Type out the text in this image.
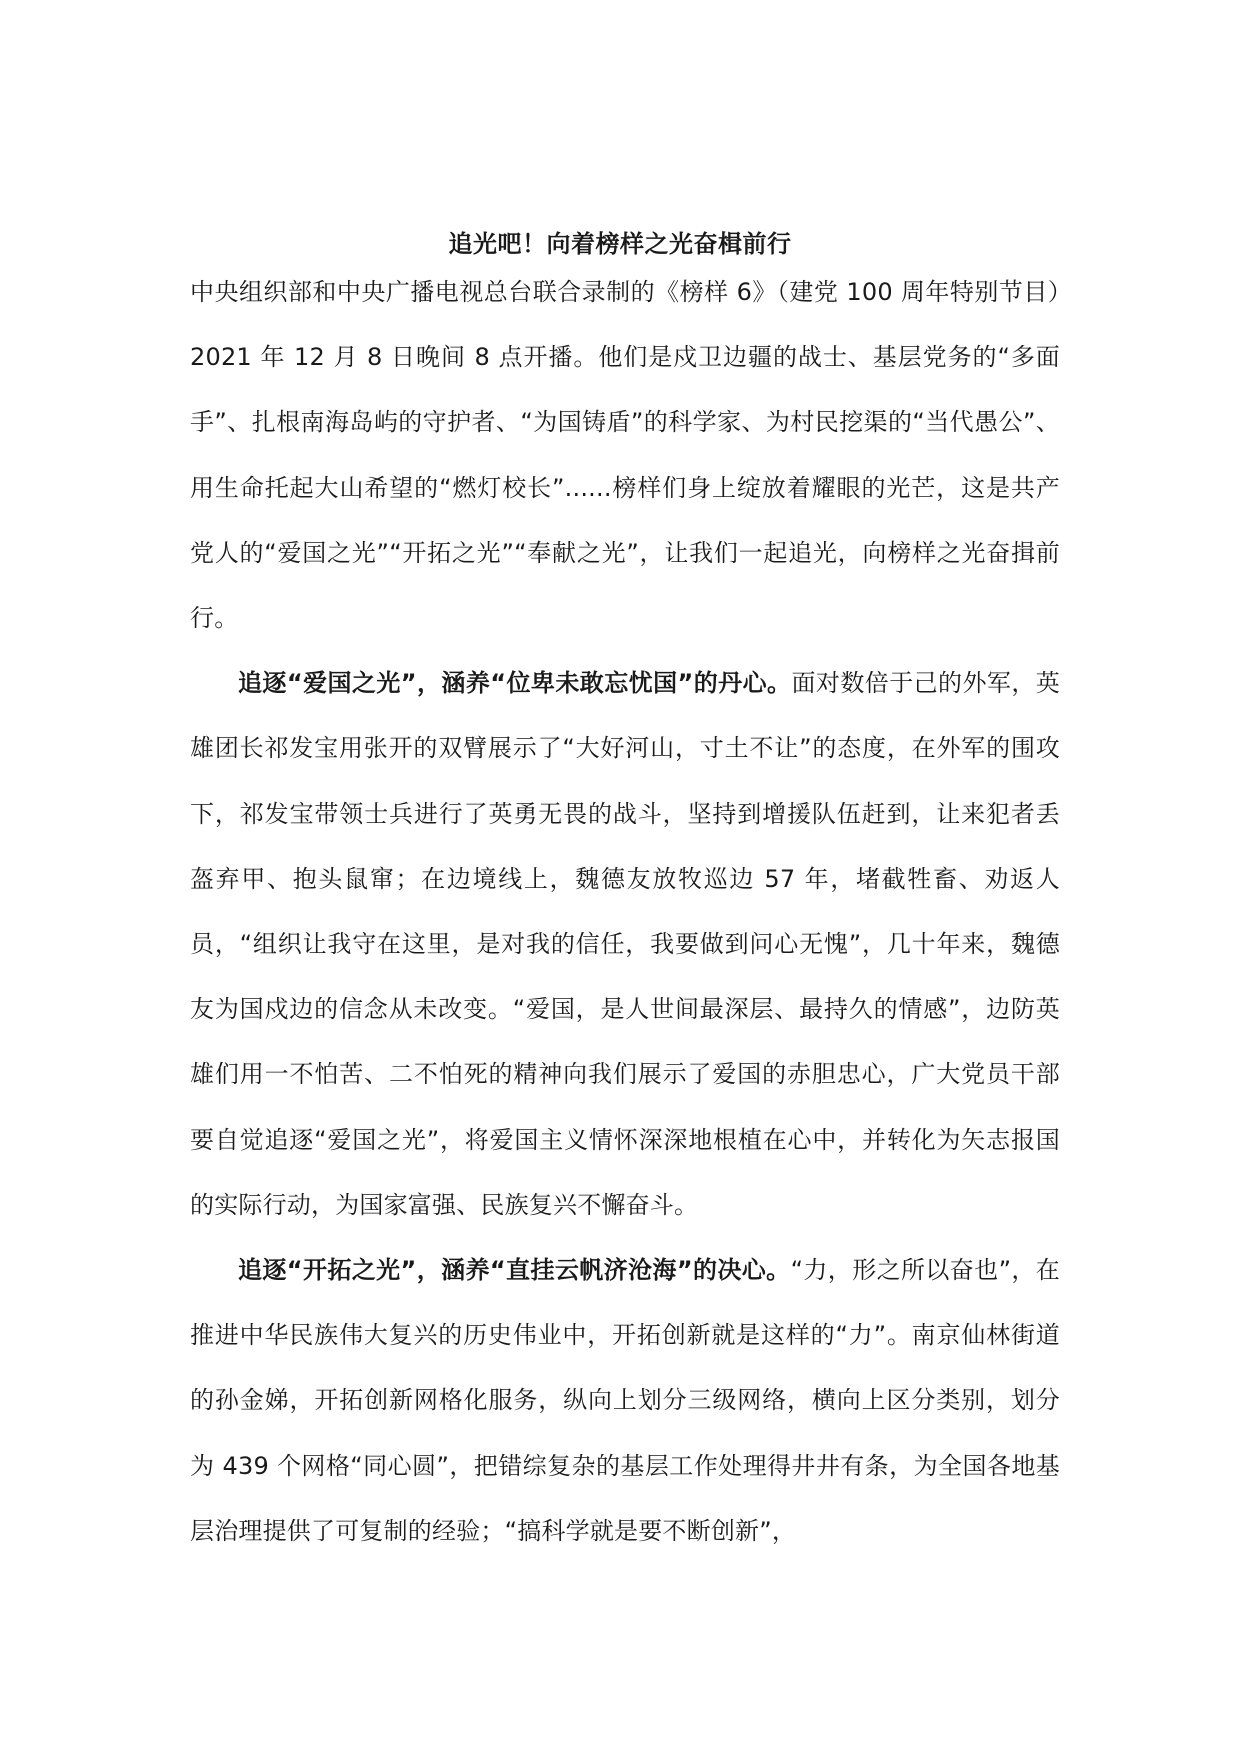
追光吧！向着榜样之光奋楫前行

中央组织部和中央广播电视总台联合录制的《榜样 6》（建党 100 周年特别节目）2021 年 12 月 8 日晚间 8 点开播。他们是戍卫边疆的战士、基层党务的“多面手”、扎根南海岛屿的守护者、“为国铸盾”的科学家、为村民挖渠的“当代愚公”、用生命托起大山希望的“燃灯校长”......榜样们身上绽放着耀眼的光芒，这是共产党人的“爱国之光”“开拓之光”“奉献之光”，让我们一起追光，向榜样之光奋揖前行。

追逐“爱国之光”，涵养“位卑未敢忘忧国”的丹心。面对数倍于己的外军，英雄团长祁发宝用张开的双臂展示了“大好河山，寸土不让”的态度，在外军的围攻下，祁发宝带领士兵进行了英勇无畏的战斗，坚持到增援队伍赶到，让来犯者丢盔弃甲、抱头鼠窜；在边境线上，魏德友放牧巡边 57 年，堵截牲畜、劝返人员，“组织让我守在这里，是对我的信任，我要做到问心无愧”，几十年来，魏德友为国戍边的信念从未改变。“爱国，是人世间最深层、最持久的情感”，边防英雄们用一不怕苦、二不怕死的精神向我们展示了爱国的赤胆忠心，广大党员干部要自觉追逐“爱国之光”，将爱国主义情怀深深地根植在心中，并转化为矢志报国的实际行动，为国家富强、民族复兴不懈奋斗。

追逐“开拓之光”，涵养“直挂云帆济沧海”的决心。“力，形之所以奋也”，在推进中华民族伟大复兴的历史伟业中，开拓创新就是这样的“力”。南京仙林街道的孙金娣，开拓创新网格化服务，纵向上划分三级网络，横向上区分类别，划分为 439 个网格“同心圆”，把错综复杂的基层工作处理得井井有条，为全国各地基层治理提供了可复制的经验；“搞科学就是要不断创新”，
